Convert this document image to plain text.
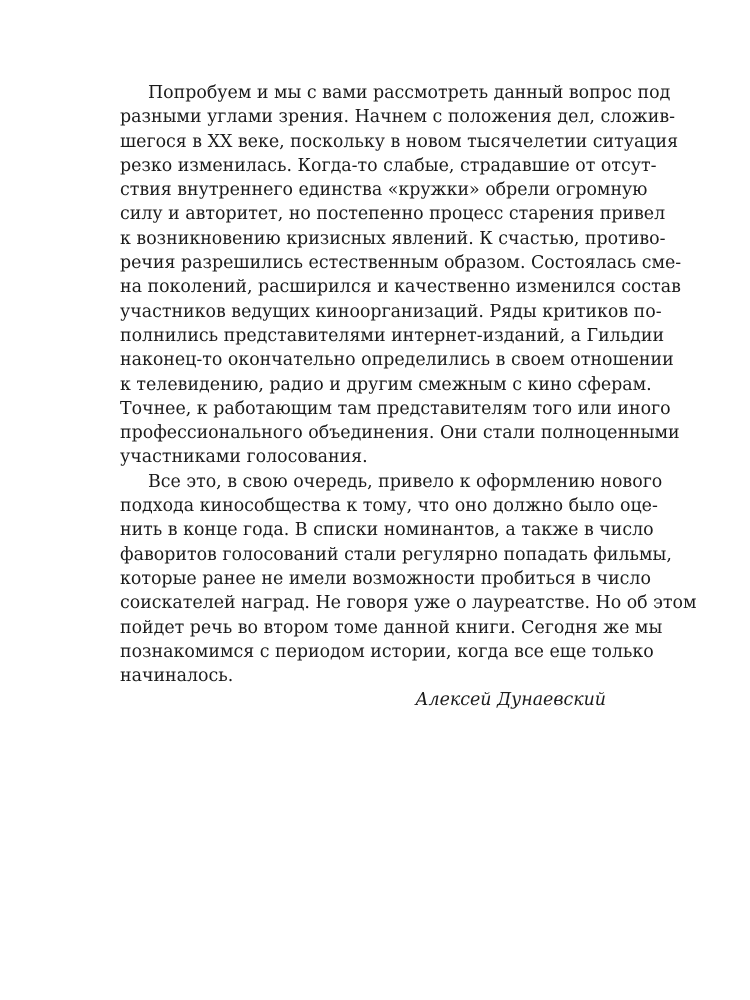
Попробуем и мы с вами рассмотреть данный вопрос под
разными углами зрения. Начнем с положения дел, сложив-
шегося в XX веке, поскольку в новом тысячелетии ситуация
резко изменилась. Когда-то слабые, страдавшие от отсут-
ствия внутреннего единства «кружки» обрели огромную
силу и авторитет, но постепенно процесс старения привел
к возникновению кризисных явлений. К счастью, противо-
речия разрешились естественным образом. Состоялась сме-
на поколений, расширился и качественно изменился состав
участников ведущих киноорганизаций. Ряды критиков по-
полнились представителями интернет-изданий, а Гильдии
наконец-то окончательно определились в своем отношении
к телевидению, радио и другим смежным с кино сферам.
Точнее, к работающим там представителям того или иного
профессионального объединения. Они стали полноценными
участниками голосования.
Все это, в свою очередь, привело к оформлению нового
подхода кинособщества к тому, что оно должно было оце-
нить в конце года. В списки номинантов, а также в число
фаворитов голосований стали регулярно попадать фильмы,
которые ранее не имели возможности пробиться в число
соискателей наград. Не говоря уже о лауреатстве. Но об этом
пойдет речь во втором томе данной книги. Сегодня же мы
познакомимся с периодом истории, когда все еще только
начиналось.
Алексей Дунаевский
